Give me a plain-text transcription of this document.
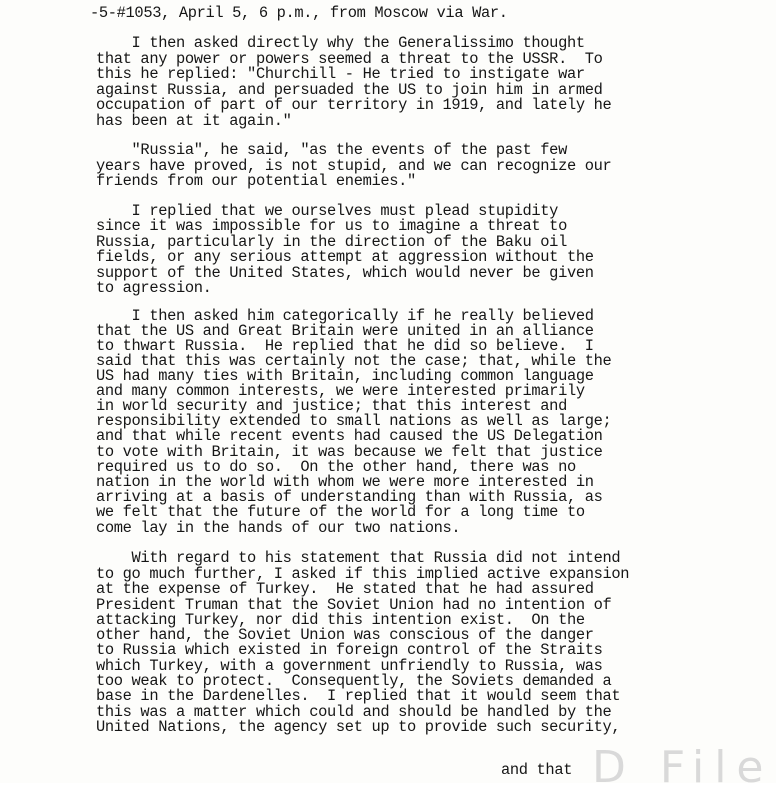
-5-#1053, April 5, 6 p.m., from Moscow via War.
I then asked directly why the Generalissimo thought
that any power or powers seemed a threat to the USSR.  To
this he replied: "Churchill - He tried to instigate war
against Russia, and persuaded the US to join him in armed
occupation of part of our territory in 1919, and lately he
has been at it again."
"Russia", he said, "as the events of the past few
years have proved, is not stupid, and we can recognize our
friends from our potential enemies."
I replied that we ourselves must plead stupidity
since it was impossible for us to imagine a threat to
Russia, particularly in the direction of the Baku oil
fields, or any serious attempt at aggression without the
support of the United States, which would never be given
to agression.
I then asked him categorically if he really believed
that the US and Great Britain were united in an alliance
to thwart Russia.  He replied that he did so believe.  I
said that this was certainly not the case; that, while the
US had many ties with Britain, including common language
and many common interests, we were interested primarily
in world security and justice; that this interest and
responsibility extended to small nations as well as large;
and that while recent events had caused the US Delegation
to vote with Britain, it was because we felt that justice
required us to do so.  On the other hand, there was no
nation in the world with whom we were more interested in
arriving at a basis of understanding than with Russia, as
we felt that the future of the world for a long time to
come lay in the hands of our two nations.
With regard to his statement that Russia did not intend
to go much further, I asked if this implied active expansion
at the expense of Turkey.  He stated that he had assured
President Truman that the Soviet Union had no intention of
attacking Turkey, nor did this intention exist.  On the
other hand, the Soviet Union was conscious of the danger
to Russia which existed in foreign control of the Straits
which Turkey, with a government unfriendly to Russia, was
too weak to protect.  Consequently, the Soviets demanded a
base in the Dardenelles.  I replied that it would seem that
this was a matter which could and should be handled by the
United Nations, the agency set up to provide such security,
D File
and that
